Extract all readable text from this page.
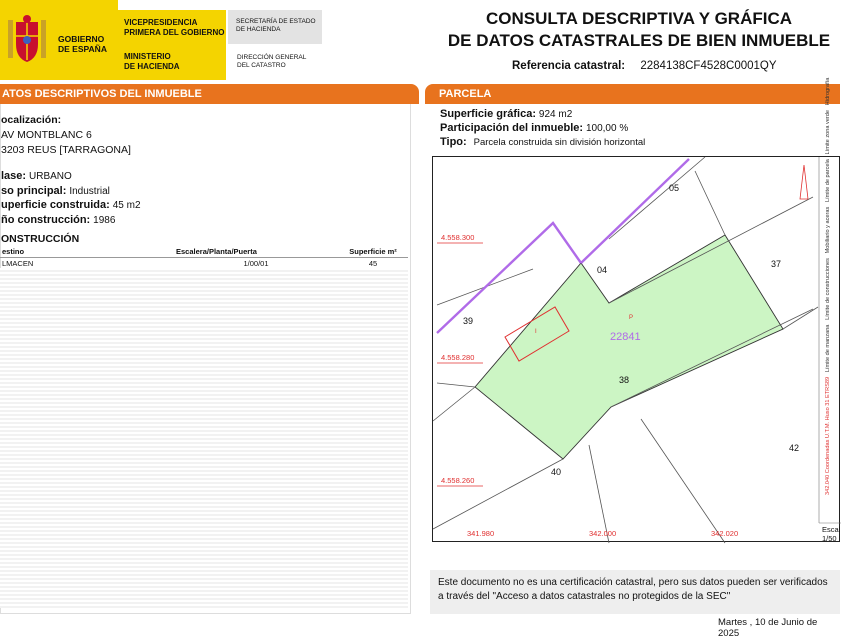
GOBIERNO
DE ESPAÑA
VICEPRESIDENCIA
PRIMERA DEL GOBIERNO
MINISTERIO
DE HACIENDA
SECRETARÍA DE ESTADO
DE HACIENDA
DIRECCIÓN GENERAL
DEL CATASTRO
CONSULTA DESCRIPTIVA Y GRÁFICA
DE DATOS CATASTRALES DE BIEN INMUEBLE
Referencia catastral: 2284138CF4528C0001QY
ATOS DESCRIPTIVOS DEL INMUEBLE
ocalización:
AV MONTBLANC 6
3203 REUS [TARRAGONA]
lase: URBANO
so principal: Industrial
uperficie construida: 45 m2
ño construcción: 1986
ONSTRUCCIÓN
estino	Escalera/Planta/Puerta	Superficie m²
LMACEN	1/00/01	45
PARCELA
Superficie gráfica: 924 m2
Participación del inmueble: 100,00 %
Tipo: Parcela construida sin división horizontal
05
04
37
39
38
42
40
22841
I
P
4.558.300
4.558.280
4.558.260
341.980	342.000	342.020
342.040 Coordenadas U.T.M. Huso 31 ETRS89   Límite de manzana   Límite de construcciones   Mobiliario y aceras   Límite de parcela   Límite zona verde   Hidrografía
Escal
1/50
Este documento no es una certificación catastral, pero sus datos pueden ser verificados a través del "Acceso a datos catastrales no protegidos de la SEC"
Martes , 10 de Junio de 2025
